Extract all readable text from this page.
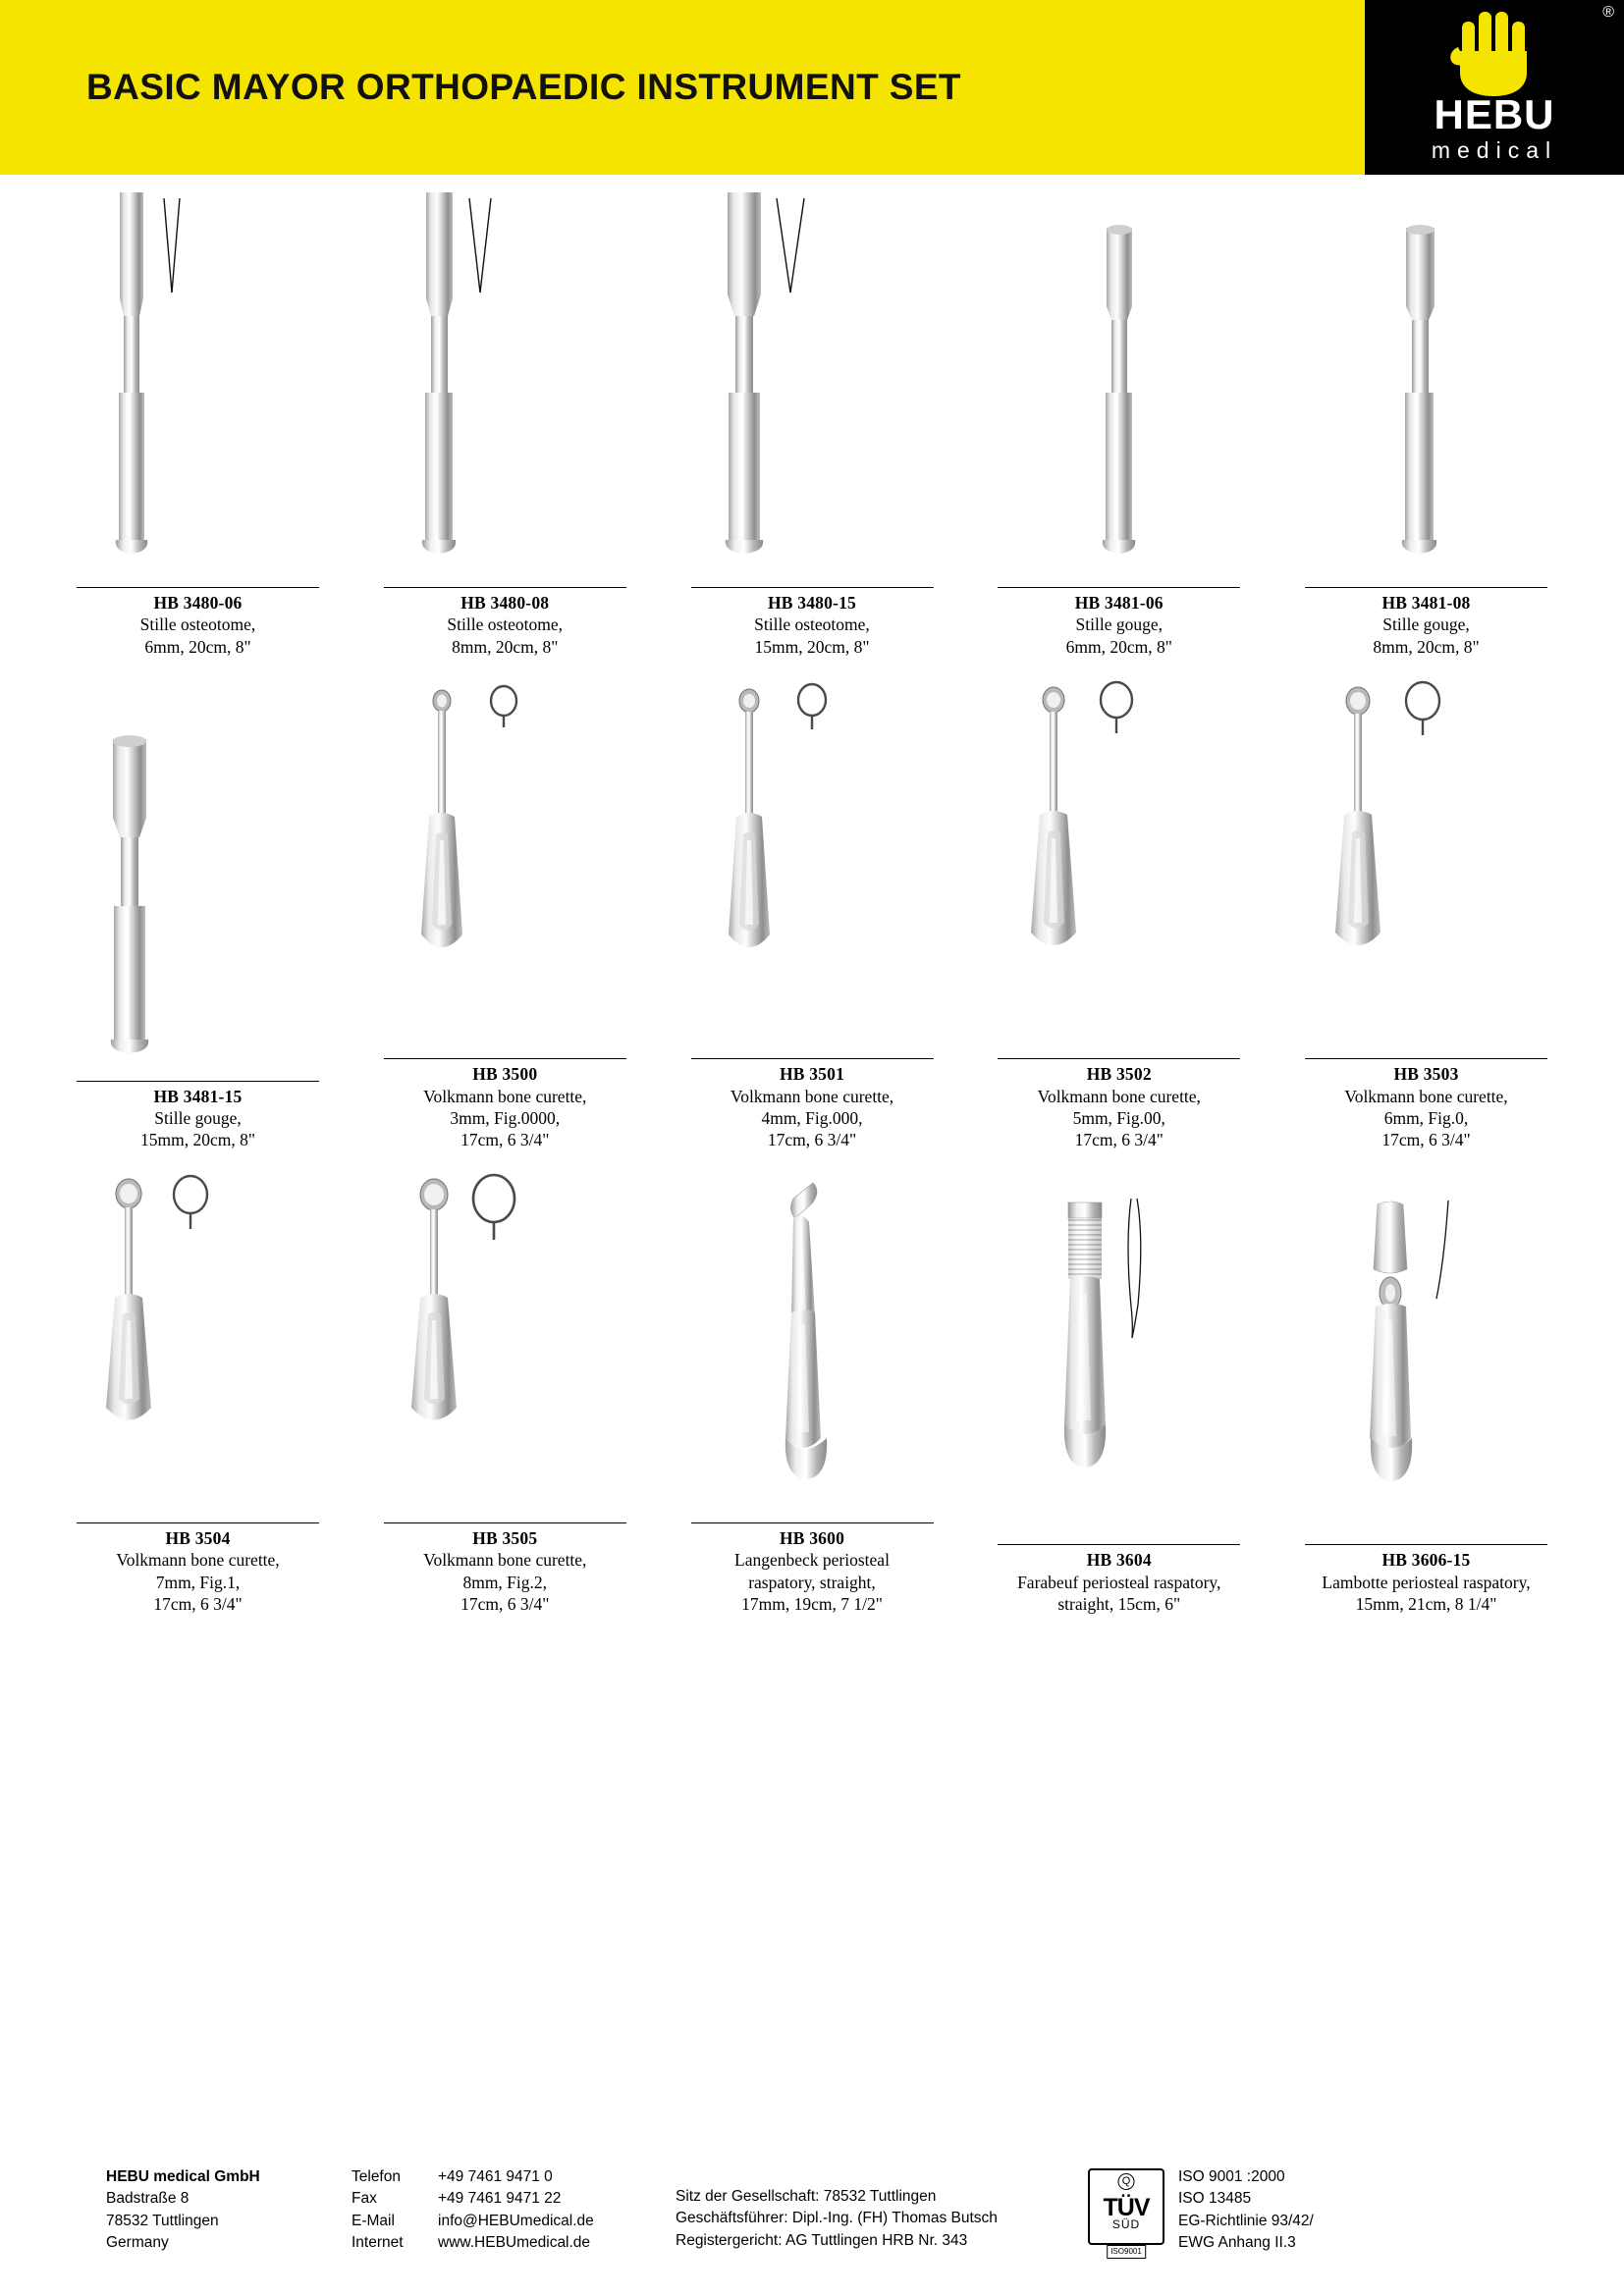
BASIC MAYOR ORTHOPAEDIC INSTRUMENT SET
®
HEBU
medical
HB 3480-06
Stille osteotome,
6mm, 20cm, 8"
HB 3480-08
Stille osteotome,
8mm, 20cm, 8"
HB 3480-15
Stille osteotome,
15mm, 20cm, 8"
HB 3481-06
Stille gouge,
6mm, 20cm, 8"
HB 3481-08
Stille gouge,
8mm, 20cm, 8"
HB 3481-15
Stille gouge,
15mm, 20cm, 8"
HB 3500
Volkmann bone curette,
3mm, Fig.0000,
17cm, 6 3/4"
HB 3501
Volkmann bone curette,
4mm, Fig.000,
17cm, 6 3/4"
HB 3502
Volkmann bone curette,
5mm, Fig.00,
17cm, 6 3/4"
HB 3503
Volkmann bone curette,
6mm, Fig.0,
17cm, 6 3/4"
HB 3504
Volkmann bone curette,
7mm, Fig.1,
17cm, 6 3/4"
HB 3505
Volkmann bone curette,
8mm, Fig.2,
17cm, 6 3/4"
HB 3600
Langenbeck periosteal
raspatory, straight,
17mm, 19cm, 7 1/2"
HB 3604
Farabeuf periosteal raspatory,
straight, 15cm, 6"
HB 3606-15
Lambotte periosteal raspatory,
15mm, 21cm, 8 1/4"
HEBU medical GmbH
Badstraße 8
78532 Tuttlingen
Germany
Telefon	+49 7461 9471 0
Fax	+49 7461 9471 22
E-Mail	info@HEBUmedical.de
Internet	www.HEBUmedical.de
Sitz der Gesellschaft: 78532 Tuttlingen
Geschäftsführer: Dipl.-Ing. (FH) Thomas Butsch
Registergericht: AG Tuttlingen HRB Nr. 343
Q
TÜV
SÜD
ISO9001
ISO 9001 :2000
ISO 13485
EG-Richtlinie 93/42/
EWG Anhang II.3
